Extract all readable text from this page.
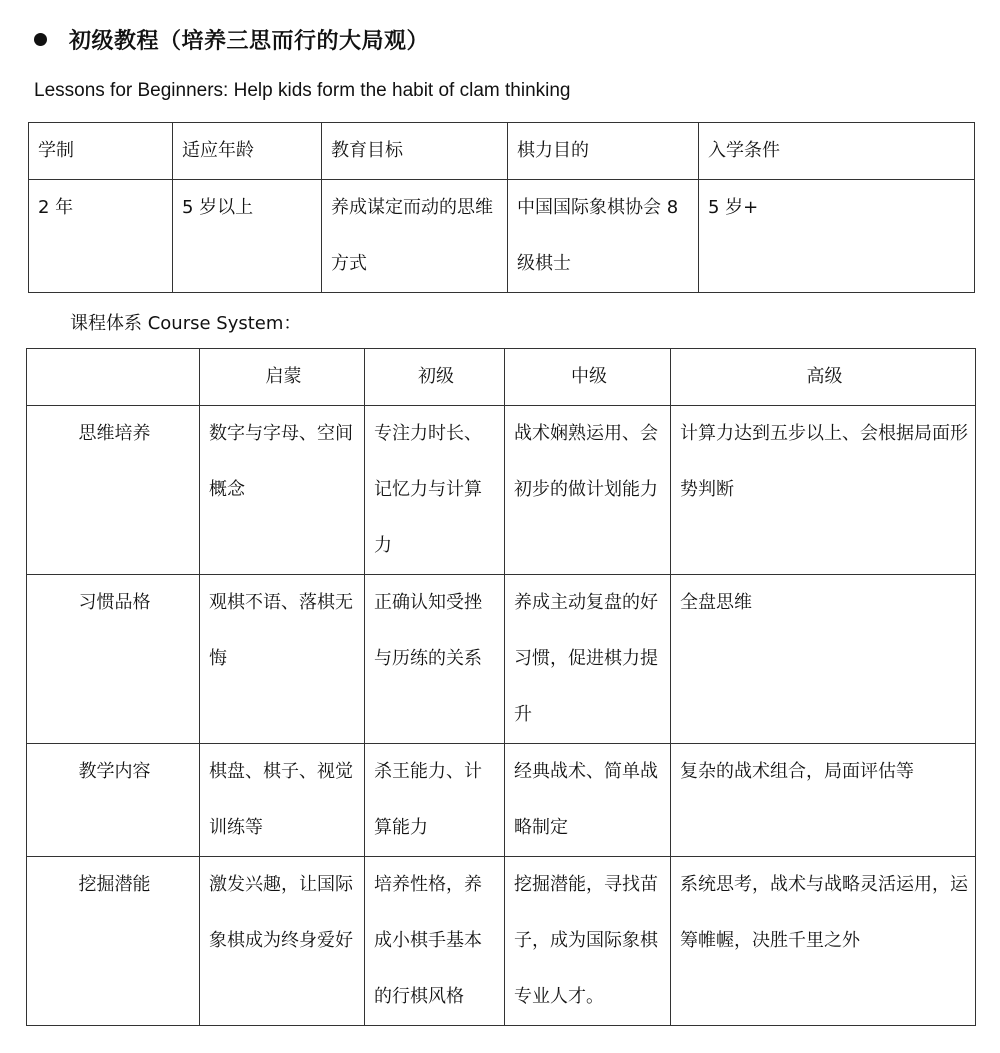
初级教程（培养三思而行的大局观）
Lessons for Beginners: Help kids form the habit of clam thinking
学制	适应年龄	教育目标	棋力目的	入学条件
2 年	5 岁以上	养成谋定而动的思维方式	中国国际象棋协会 8 级棋士	5 岁+
课程体系 Course System：
	启蒙	初级	中级	高级
思维培养	数字与字母、空间概念	专注力时长、记忆力与计算力	战术娴熟运用、会初步的做计划能力	计算力达到五步以上、会根据局面形势判断
习惯品格	观棋不语、落棋无悔	正确认知受挫与历练的关系	养成主动复盘的好习惯，促进棋力提升	全盘思维
教学内容	棋盘、棋子、视觉训练等	杀王能力、计算能力	经典战术、简单战略制定	复杂的战术组合，局面评估等
挖掘潜能	激发兴趣，让国际象棋成为终身爱好	培养性格，养成小棋手基本的行棋风格	挖掘潜能，寻找苗子，成为国际象棋专业人才。	系统思考，战术与战略灵活运用，运筹帷幄，决胜千里之外
